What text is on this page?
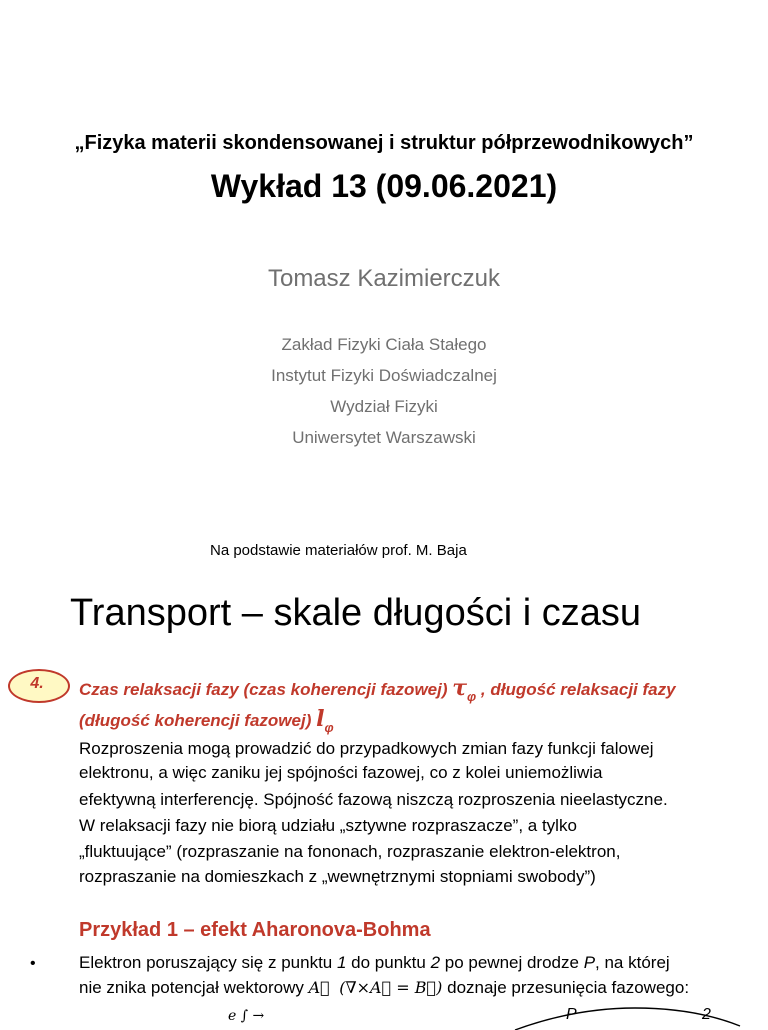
„Fizyka materii skondensowanej i struktur półprzewodnikowych”
Wykład 13 (09.06.2021)
Tomasz Kazimierczuk
Zakład Fizyki Ciała Stałego
Instytut Fizyki Doświadczalnej
Wydział Fizyki
Uniwersytet Warszawski
Na podstawie materiałów prof. M. Baja
Transport – skale długości i czasu
4.	Czas relaksacji fazy (czas koherencji fazowej) $\tau_\varphi$ , długość relaksacji fazy
(długość koherencji fazowej) $l_\varphi$
Rozproszenia mogą prowadzić do przypadkowych zmian fazy funkcji falowej
elektronu, a więc zaniku jej spójności fazowej, co z kolei uniemożliwia
efektywną interferencję. Spójność fazową niszczą rozproszenia nieelastyczne.
W relaksacji fazy nie biorą udziału „sztywne rozpraszacze”, a tylko
„fluktuujące” (rozpraszanie na fononach, rozpraszanie elektron-elektron,
rozpraszanie na domieszkach z „wewnętrznymi stopniami swobody”)
Przykład 1 – efekt Aharonova-Bohma
•	Elektron poruszający się z punktu 1 do punktu 2 po pewnej drodze P, na której
nie znika potencjał wektorowy A⃗ (∇×A⃗ = B⃗) doznaje przesunięcia fazowego:
e ∫ →	P	2
